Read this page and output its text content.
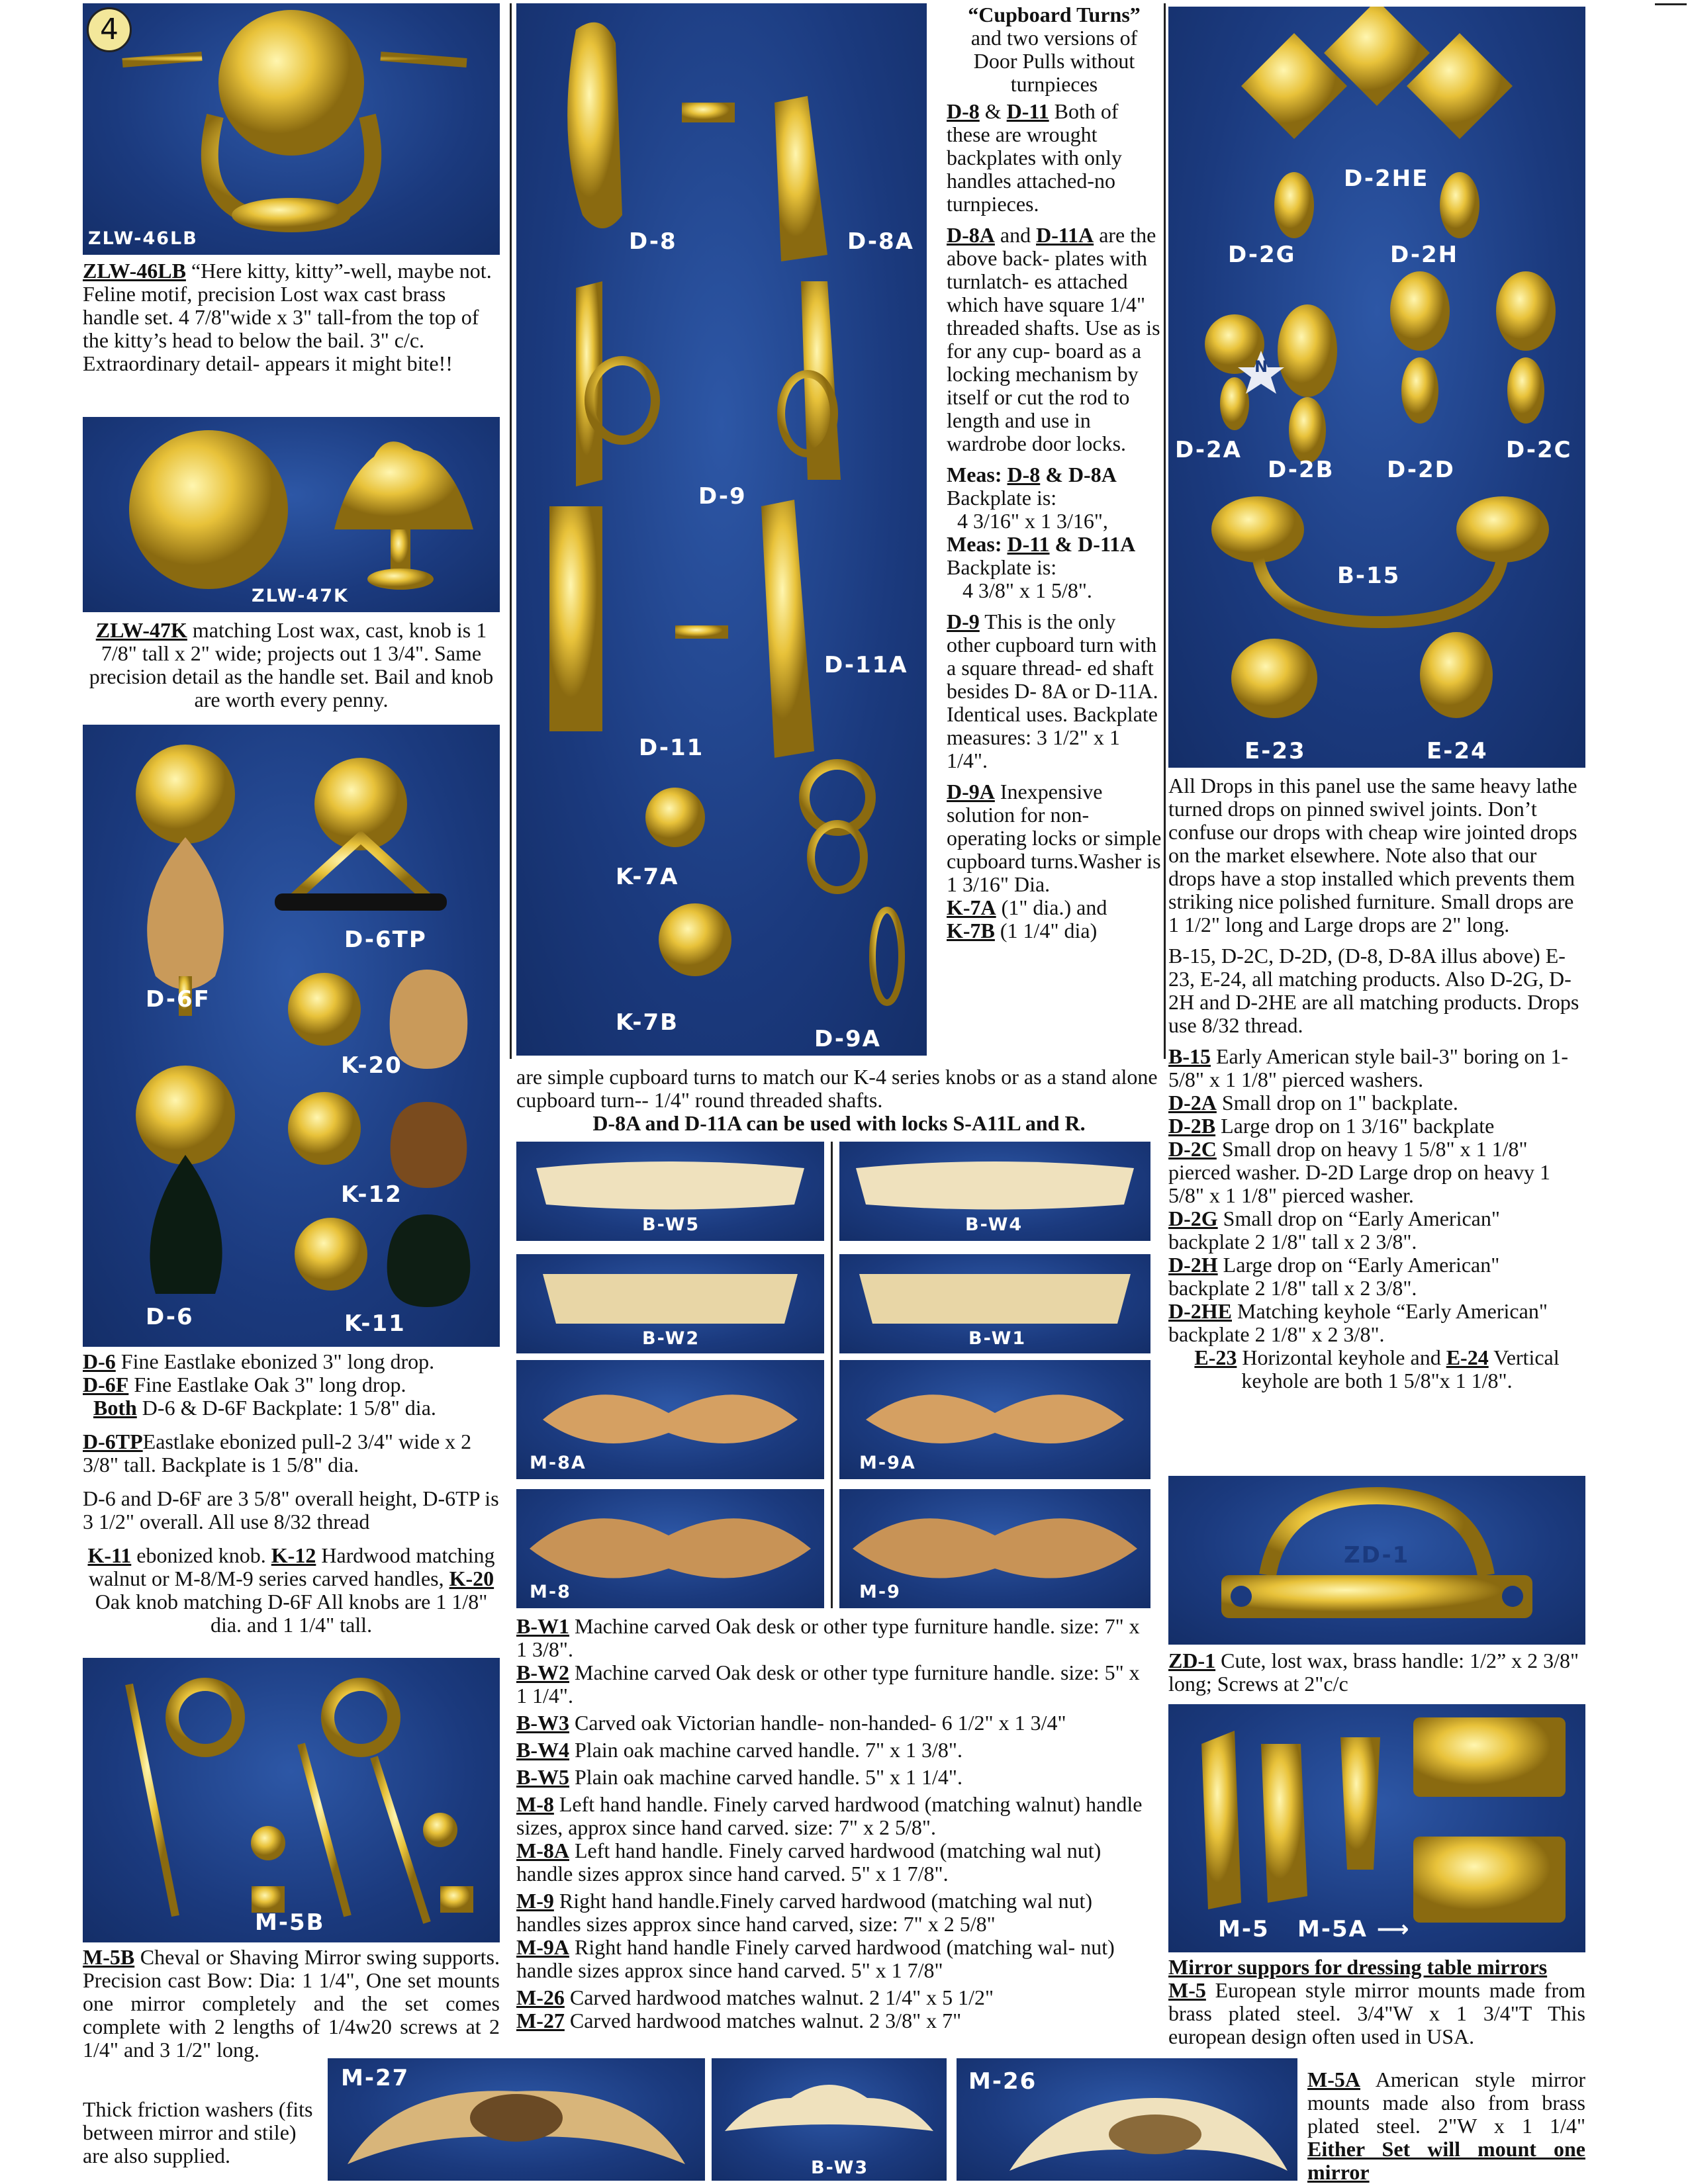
4
ZLW-46LB
ZLW-46LB “Here kitty, kitty”-well, maybe not. Feline motif, precision Lost wax cast brass handle set. 4 7/8"wide x 3" tall-from the top of the kitty’s head to below the bail. 3" c/c. Extraordinary detail- appears it might bite!!
ZLW-47K
ZLW-47K matching Lost wax, cast, knob is 1 7/8" tall x 2" wide; projects out 1 3/4". Same precision detail as the handle set. Bail and knob are worth every penny.
D-6TP
D-6F
K-20
K-12
D-6	K-11

D-6 Fine Eastlake ebonized 3" long drop.
D-6F Fine Eastlake Oak 3" long drop.
Both D-6 & D-6F Backplate: 1 5/8" dia.

D-6TPEastlake ebonized pull-2 3/4" wide x 2 3/8" tall. Backplate is 1 5/8" dia.

D-6 and D-6F are 3 5/8" overall height, D-6TP is 3 1/2" overall. All use 8/32 thread

K-11 ebonized knob. K-12 Hardwood matching walnut or M-8/M-9 series carved handles, K-20 Oak knob matching D-6F All knobs are 1 1/8" dia. and 1 1/4" tall.

M-5B
M-5B Cheval or Shaving Mirror swing supports. Precision cast Bow: Dia: 1 1/4", One set mounts one mirror completely and the set comes complete with 2 lengths of 1/4w20 screws at 2 1/4" and 3 1/2" long.
Thick friction washers (fits between mirror and stile) are also supplied.
M-27
D-8	D-8A
D-9
D-11A
D-11
K-7A
K-7B
D-9A
“Cupboard Turns”
and two versions of Door Pulls without turnpieces

D-8 & D-11 Both of these are wrought backplates with only handles attached-no turnpieces.

D-8A and D-11A are the above back- plates with turnlatch- es attached which have square 1/4" threaded shafts. Use as is for any cup- board as a locking mechanism by itself or cut the rod to length and use in wardrobe door locks.

Meas: D-8 & D-8A
Backplate is:
4 3/16" x 1 3/16",
Meas: D-11 & D-11A
Backplate is:
4 3/8" x 1 5/8".

D-9 This is the only other cupboard turn with a square thread- ed shaft besides D- 8A or D-11A. Identical uses. Backplate measures: 3 1/2" x 1 1/4".

D-9A Inexpensive solution for non- operating locks or simple cupboard turns.Washer is 1 3/16" Dia.
K-7A (1" dia.) and
K-7B (1 1/4" dia)

are simple cupboard turns to match our K-4 series knobs or as a stand alone cupboard turn-- 1/4" round threaded shafts.
D-8A and D-11A can be used with locks S-A11L and R.
B-W5	B-W4
B-W2	B-W1
M-8A	M-9A
M-8	M-9
B-W1 Machine carved Oak desk or other type furniture handle. size: 7" x 1 3/8".
B-W2 Machine carved Oak desk or other type furniture handle. size: 5" x 1 1/4".
B-W3 Carved oak Victorian handle- non-handed- 6 1/2" x 1 3/4"
B-W4 Plain oak machine carved handle. 7" x 1 3/8".
B-W5 Plain oak machine carved handle. 5" x 1 1/4".
M-8 Left hand handle. Finely carved hardwood (matching walnut) handle sizes, approx since hand carved. size: 7" x 2 5/8".
M-8A Left hand handle. Finely carved hardwood (matching wal nut) handle sizes approx since hand carved. 5" x 1 7/8".
M-9 Right hand handle.Finely carved hardwood (matching wal nut) handles sizes approx since hand carved, size: 7" x 2 5/8"
M-9A Right hand handle Finely carved hardwood (matching wal- nut) handle sizes approx since hand carved. 5" x 1 7/8"
M-26 Carved hardwood matches walnut. 2 1/4" x 5 1/2"
M-27 Carved hardwood matches walnut. 2 3/8" x 7"
B-W3
M-26
D-2HE
D-2G	D-2H
D-2A
D-2B D-2D
D-2C
B-15
E-23	E-24
N

All Drops in this panel use the same heavy lathe turned drops on pinned swivel joints. Don’t confuse our drops with cheap wire jointed drops on the market elsewhere. Note also that our drops have a stop installed which prevents them striking nice polished furniture. Small drops are 1 1/2" long and Large drops are 2" long.

B-15, D-2C, D-2D, (D-8, D-8A illus above) E-23, E-24, all matching products. Also D-2G, D-2H and D-2HE are all matching products. Drops use 8/32 thread.

B-15 Early American style bail-3" boring on 1-5/8" x 1 1/8" pierced washers.
D-2A Small drop on 1" backplate.
D-2B Large drop on 1 3/16" backplate
D-2C Small drop on heavy 1 5/8" x 1 1/8" pierced washer. D-2D Large drop on heavy 1 5/8" x 1 1/8" pierced washer.
D-2G Small drop on “Early American" backplate 2 1/8" tall x 2 3/8".
D-2H Large drop on “Early American" backplate 2 1/8" tall x 2 3/8".
D-2HE Matching keyhole “Early American" backplate 2 1/8" x 2 3/8".
E-23 Horizontal keyhole and E-24 Vertical keyhole are both 1 5/8"x 1 1/8".
ZD-1
ZD-1 Cute, lost wax, brass handle: 1/2” x 2 3/8" long; Screws at 2"c/c
M-5 M-5A ⟶
Mirror suppors for dressing table mirrors
M-5 European style mirror mounts made from brass plated steel. 3/4"W x 1 3/4"T This european design often used in USA.
M-5A American style mirror mounts made also from brass plated steel. 2"W x 1 1/4" Either Set will mount one mirror
